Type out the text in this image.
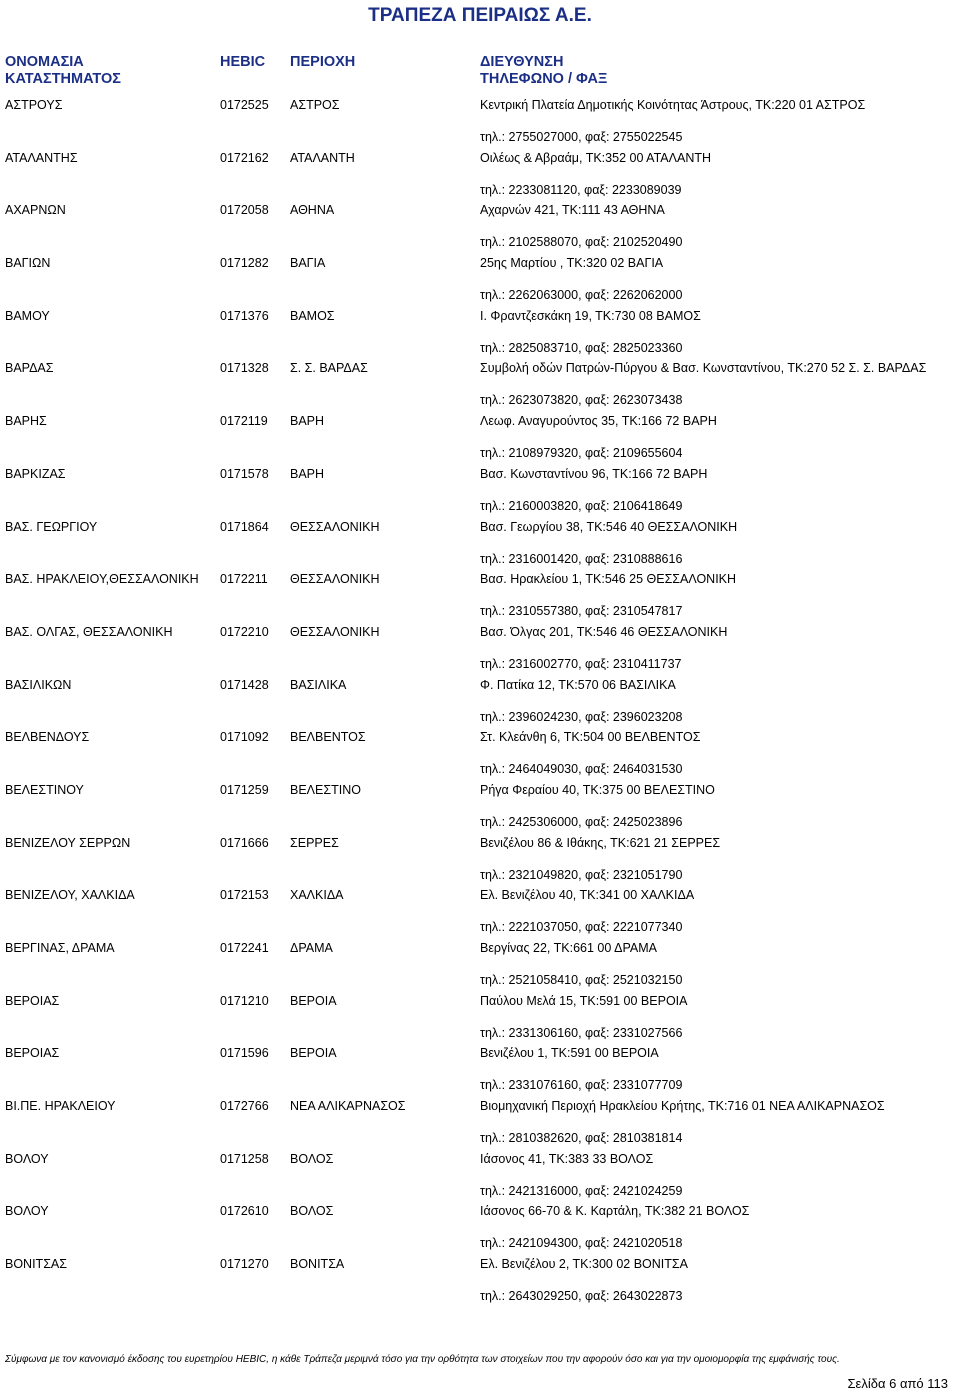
ΤΡΑΠΕΖΑ ΠΕΙΡΑΙΩΣ Α.Ε.
ΟΝΟΜΑΣΙΑ
ΚΑΤΑΣΤΗΜΑΤΟΣ
HEBIC ΠΕΡΙΟΧΗ	ΔΙΕΥΘΥΝΣΗ
ΤΗΛΕΦΩΝΟ / ΦΑΞ
ΑΣΤΡΟΥΣ	0172525 ΑΣΤΡΟΣ	Κεντρική Πλατεία Δημοτικής Κοινότητας Άστρους, ΤΚ:220 01 ΑΣΤΡΟΣ
τηλ.: 2755027000, φαξ: 2755022545
ΑΤΑΛΑΝΤΗΣ	0172162 ΑΤΑΛΑΝΤΗ	Οιλέως & Αβραάμ, ΤΚ:352 00 ΑΤΑΛΑΝΤΗ
τηλ.: 2233081120, φαξ: 2233089039
ΑΧΑΡΝΩΝ	0172058 ΑΘΗΝΑ	Αχαρνών 421, ΤΚ:111 43 ΑΘΗΝΑ
τηλ.: 2102588070, φαξ: 2102520490
ΒΑΓΙΩΝ	0171282 ΒΑΓΙΑ	25ης Μαρτίου , ΤΚ:320 02 ΒΑΓΙΑ
τηλ.: 2262063000, φαξ: 2262062000
ΒΑΜΟΥ	0171376 ΒΑΜΟΣ	Ι. Φραντζεσκάκη 19, ΤΚ:730 08 ΒΑΜΟΣ
τηλ.: 2825083710, φαξ: 2825023360
ΒΑΡΔΑΣ	0171328 Σ. Σ. ΒΑΡΔΑΣ	Συμβολή οδών Πατρών-Πύργου & Βασ. Κωνσταντίνου, ΤΚ:270 52 Σ. Σ. ΒΑΡΔΑΣ
τηλ.: 2623073820, φαξ: 2623073438
ΒΑΡΗΣ	0172119 ΒΑΡΗ	Λεωφ. Αναγυρούντος 35, ΤΚ:166 72 ΒΑΡΗ
τηλ.: 2108979320, φαξ: 2109655604
ΒΑΡΚΙΖΑΣ	0171578 ΒΑΡΗ	Βασ. Κωνσταντίνου 96, ΤΚ:166 72 ΒΑΡΗ
τηλ.: 2160003820, φαξ: 2106418649
ΒΑΣ. ΓΕΩΡΓΙΟΥ	0171864 ΘΕΣΣΑΛΟΝΙΚΗ	Βασ. Γεωργίου 38, ΤΚ:546 40 ΘΕΣΣΑΛΟΝΙΚΗ
τηλ.: 2316001420, φαξ: 2310888616
ΒΑΣ. ΗΡΑΚΛΕΙΟΥ,ΘΕΣΣΑΛΟΝΙΚΗ 0172211 ΘΕΣΣΑΛΟΝΙΚΗ	Βασ. Ηρακλείου 1, ΤΚ:546 25 ΘΕΣΣΑΛΟΝΙΚΗ
τηλ.: 2310557380, φαξ: 2310547817
ΒΑΣ. ΟΛΓΑΣ, ΘΕΣΣΑΛΟΝΙΚΗ	0172210 ΘΕΣΣΑΛΟΝΙΚΗ	Βασ. Όλγας 201, ΤΚ:546 46 ΘΕΣΣΑΛΟΝΙΚΗ
τηλ.: 2316002770, φαξ: 2310411737
ΒΑΣΙΛΙΚΩΝ	0171428 ΒΑΣΙΛΙΚΑ	Φ. Πατίκα 12, ΤΚ:570 06 ΒΑΣΙΛΙΚΑ
τηλ.: 2396024230, φαξ: 2396023208
ΒΕΛΒΕΝΔΟΥΣ	0171092 ΒΕΛΒΕΝΤΟΣ	Στ. Κλεάνθη 6, ΤΚ:504 00 ΒΕΛΒΕΝΤΟΣ
τηλ.: 2464049030, φαξ: 2464031530
ΒΕΛΕΣΤΙΝΟΥ	0171259 ΒΕΛΕΣΤΙΝΟ	Ρήγα Φεραίου 40, ΤΚ:375 00 ΒΕΛΕΣΤΙΝΟ
τηλ.: 2425306000, φαξ: 2425023896
ΒΕΝΙΖΕΛΟΥ ΣΕΡΡΩΝ	0171666 ΣΕΡΡΕΣ	Βενιζέλου 86 & Ιθάκης, ΤΚ:621 21 ΣΕΡΡΕΣ
τηλ.: 2321049820, φαξ: 2321051790
ΒΕΝΙΖΕΛΟΥ, ΧΑΛΚΙΔΑ	0172153 ΧΑΛΚΙΔΑ	Ελ. Βενιζέλου 40, ΤΚ:341 00 ΧΑΛΚΙΔΑ
τηλ.: 2221037050, φαξ: 2221077340
ΒΕΡΓΙΝΑΣ, ΔΡΑΜΑ	0172241 ΔΡΑΜΑ	Βεργίνας 22, ΤΚ:661 00 ΔΡΑΜΑ
τηλ.: 2521058410, φαξ: 2521032150
ΒΕΡΟΙΑΣ	0171210 ΒΕΡΟΙΑ	Παύλου Μελά 15, ΤΚ:591 00 ΒΕΡΟΙΑ
τηλ.: 2331306160, φαξ: 2331027566
ΒΕΡΟΙΑΣ	0171596 ΒΕΡΟΙΑ	Βενιζέλου 1, ΤΚ:591 00 ΒΕΡΟΙΑ
τηλ.: 2331076160, φαξ: 2331077709
ΒΙ.ΠΕ. ΗΡΑΚΛΕΙΟΥ	0172766 ΝΕΑ ΑΛΙΚΑΡΝΑΣΟΣ	Βιομηχανική Περιοχή Ηρακλείου Κρήτης, ΤΚ:716 01 ΝΕΑ ΑΛΙΚΑΡΝΑΣΟΣ
τηλ.: 2810382620, φαξ: 2810381814
ΒΟΛΟΥ	0171258 ΒΟΛΟΣ	Ιάσονος 41, ΤΚ:383 33 ΒΟΛΟΣ
τηλ.: 2421316000, φαξ: 2421024259
ΒΟΛΟΥ	0172610 ΒΟΛΟΣ	Ιάσονος 66-70 & Κ. Καρτάλη, ΤΚ:382 21 ΒΟΛΟΣ
τηλ.: 2421094300, φαξ: 2421020518
ΒΟΝΙΤΣΑΣ	0171270 ΒΟΝΙΤΣΑ	Ελ. Βενιζέλου 2, ΤΚ:300 02 ΒΟΝΙΤΣΑ
τηλ.: 2643029250, φαξ: 2643022873
Σύμφωνα με τον κανονισμό έκδοσης του ευρετηρίου HEBIC, η κάθε Τράπεζα μεριμνά τόσο για την ορθότητα των στοιχείων που την αφορούν όσο και για την ομοιομορφία της εμφάνισής τους.
Σελίδα 6 από 113
